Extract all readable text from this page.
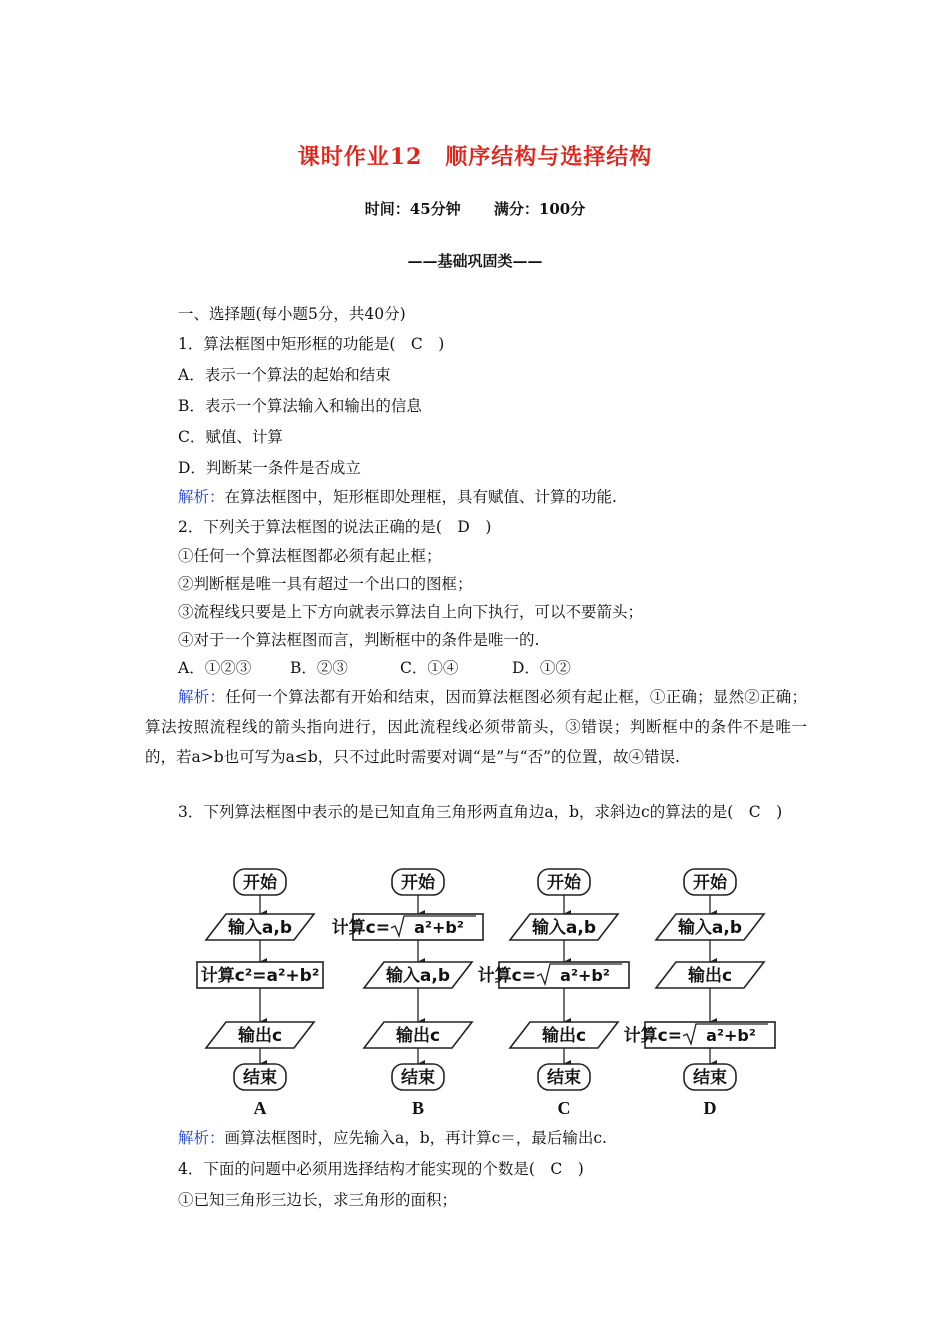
课时作业12　顺序结构与选择结构
时间：45分钟 满分：100分
——基础巩固类——
一、选择题(每小题5分，共40分)
1．算法框图中矩形框的功能是(　C　)
A．表示一个算法的起始和结束
B．表示一个算法输入和输出的信息
C．赋值、计算
D．判断某一条件是否成立
解析：在算法框图中，矩形框即处理框，具有赋值、计算的功能.
2．下列关于算法框图的说法正确的是(　D　)
①任何一个算法框图都必须有起止框；
②判断框是唯一具有超过一个出口的图框；
③流程线只要是上下方向就表示算法自上向下执行，可以不要箭头；
④对于一个算法框图而言，判断框中的条件是唯一的.
A．①②③	B．②③	C．①④	D．①②
解析：任何一个算法都有开始和结束，因而算法框图必须有起止框，①正确；显然②正确；算法按照流程线的箭头指向进行，因此流程线必须带箭头，③错误；判断框中的条件不是唯一的，若a>b也可写为a≤b，只不过此时需要对调“是”与“否”的位置，故④错误.
3．下列算法框图中表示的是已知直角三角形两直角边a，b，求斜边c的算法的是(　C　)
开始
输入a,b
计算c²=a²+b²
输出c
结束
A
开始
计算c= a²+b²
输入a,b
输出c
结束
B
开始
输入a,b
计算c= a²+b²
输出c
结束
C
开始
输入a,b
输出c
计算c= a²+b²
结束
D
解析：画算法框图时，应先输入a，b，再计算c＝，最后输出c.
4．下面的问题中必须用选择结构才能实现的个数是(　C　)
①已知三角形三边长，求三角形的面积；
